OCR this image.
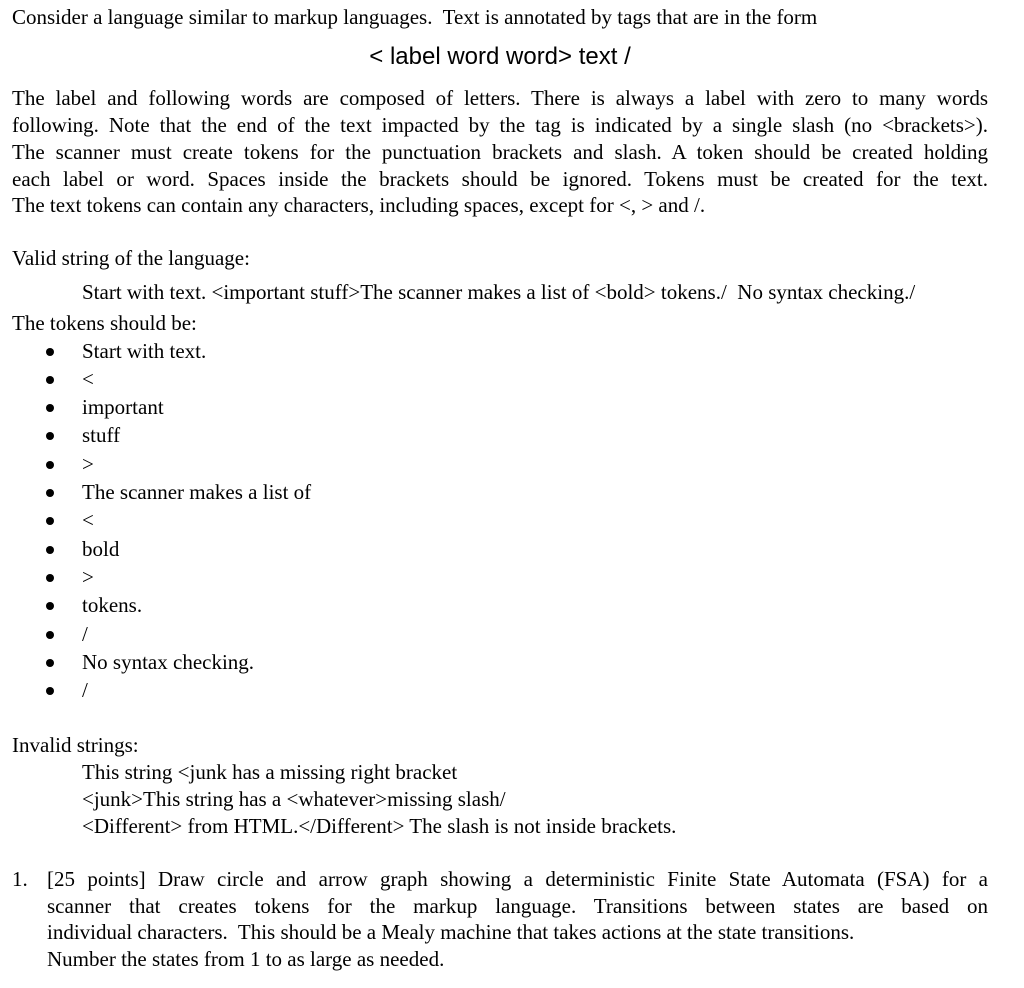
Consider a language similar to markup languages.  Text is annotated by tags that are in the form
< label word word> text /
The label and following words are composed of letters. There is always a label with zero to many words
following. Note that the end of the text impacted by the tag is indicated by a single slash (no <brackets>).
The scanner must create tokens for the punctuation brackets and slash. A token should be created holding
each label or word. Spaces inside the brackets should be ignored. Tokens must be created for the text.
The text tokens can contain any characters, including spaces, except for <, > and /.
Valid string of the language:
Start with text. <important stuff>The scanner makes a list of <bold> tokens./  No syntax checking./
The tokens should be:
Start with text.
<
important
stuff
>
The scanner makes a list of
<
bold
>
tokens.
/
No syntax checking.
/
Invalid strings:
This string <junk has a missing right bracket
<junk>This string has a <whatever>missing slash/
<Different> from HTML.</Different> The slash is not inside brackets.
1. [25 points] Draw circle and arrow graph showing a deterministic Finite State Automata (FSA) for a
scanner that creates tokens for the markup language. Transitions between states are based on
individual characters.  This should be a Mealy machine that takes actions at the state transitions.
Number the states from 1 to as large as needed.
